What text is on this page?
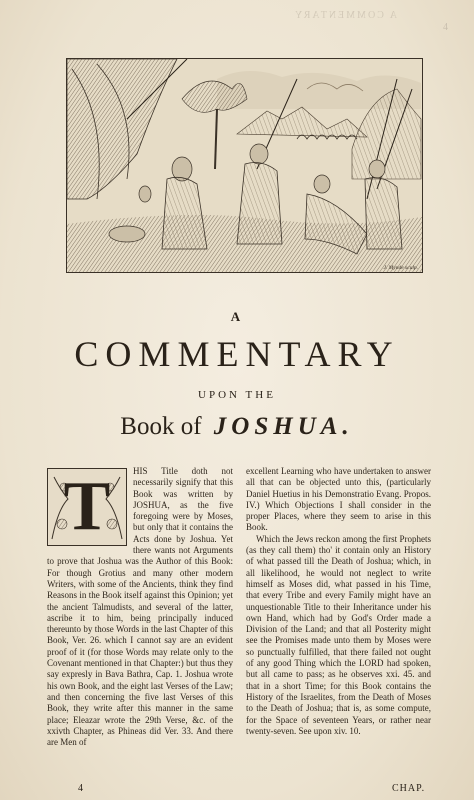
A COMMENTARY
4
J. Mynde sculp.
A
COMMENTARY
UPON THE
Book of JOSHUA.
T	HIS Title doth not necessarily signify that this Book was written by JOSHUA, as the five foregoing were by Moses, but only that it contains the Acts done by Joshua. Yet there wants not Arguments to prove that Joshua was the Author of this Book: For though Grotius and many other modern Writers, with some of the Ancients, think they find Reasons in the Book itself against this Opinion; yet the ancient Talmudists, and several of the latter, ascribe it to him, being principally induced thereunto by those Words in the last Chapter of this Book, Ver. 26. which I cannot say are an evident proof of it (for those Words may relate only to the Covenant mentioned in that Chapter:) but thus they say expresly in Bava Bathra, Cap. 1. Joshua wrote his own Book, and the eight last Verses of the Law; and then concerning the five last Verses of this Book, they write after this manner in the same place; Eleazar wrote the 29th Verse, &c. of the xxivth Chapter, as Phineas did Ver. 33. And there are Men of

excellent Learning who have undertaken to answer all that can be objected unto this, (particularly Daniel Huetius in his Demonstratio Evang. Propos. IV.) Which Objections I shall consider in the proper Places, where they seem to arise in this Book.

Which the Jews reckon among the first Prophets (as they call them) tho' it contain only an History of what passed till the Death of Joshua; which, in all likelihood, he would not neglect to write himself as Moses did, what passed in his Time, that every Tribe and every Family might have an unquestionable Title to their Inheritance under his own Hand, which had by God's Order made a Division of the Land; and that all Posterity might see the Promises made unto them by Moses were so punctually fulfilled, that there failed not ought of any good Thing which the LORD had spoken, but all came to pass; as he observes xxi. 45. and that in a short Time; for this Book contains the History of the Israelites, from the Death of Moses to the Death of Joshua; that is, as some compute, for the Space of seventeen Years, or rather near twenty-seven. See upon xiv. 10.

4	CHAP.
